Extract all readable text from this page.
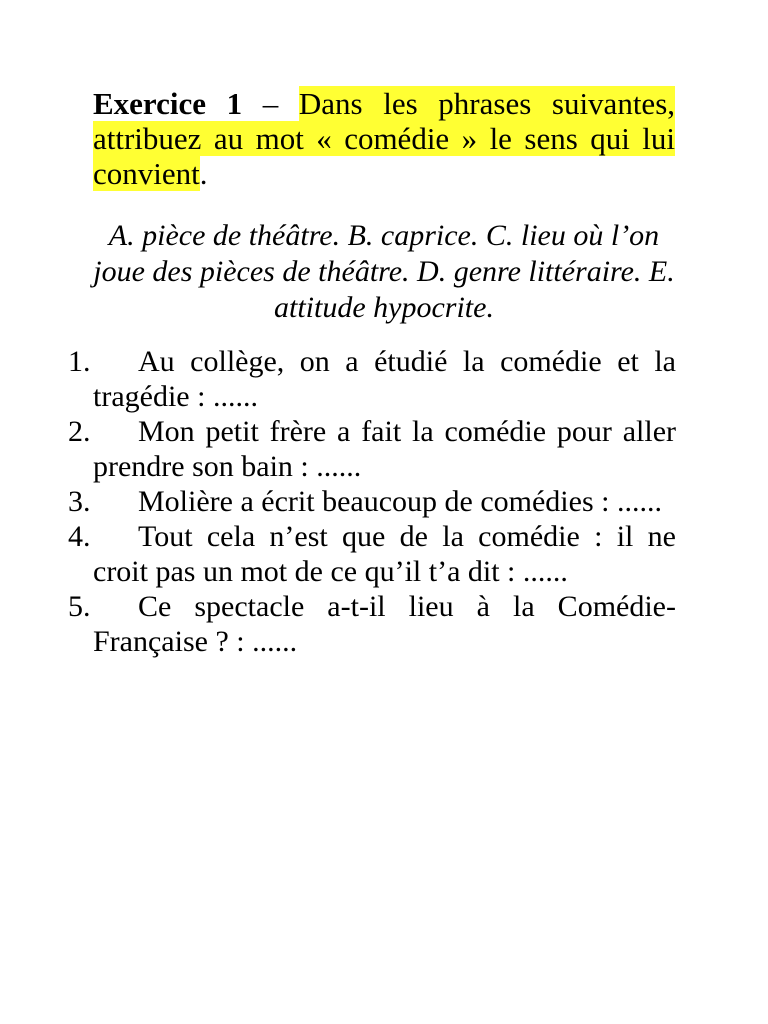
Exercice 1 – Dans les phrases suivantes, attribuez au mot « comédie » le sens qui lui convient.

A. pièce de théâtre. B. caprice. C. lieu où l’on joue des pièces de théâtre. D. genre littéraire. E. attitude hypocrite.

1.	Au collège, on a étudié la comédie et la tragédie : ......
2.	Mon petit frère a fait la comédie pour aller prendre son bain : ......
3.	Molière a écrit beaucoup de comédies : ......
4.	Tout cela n’est que de la comédie : il ne croit pas un mot de ce qu’il t’a dit : ......
5.	Ce spectacle a-t-il lieu à la Comédie-Française ? : ......
